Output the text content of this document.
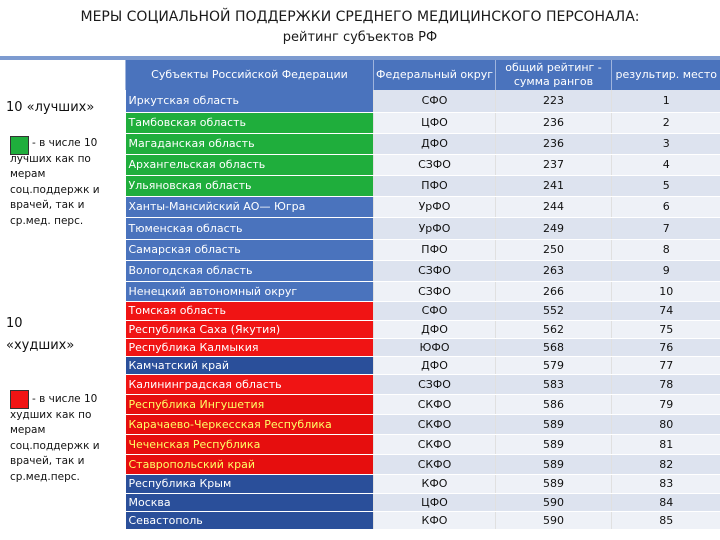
МЕРЫ СОЦИАЛЬНОЙ ПОДДЕРЖКИ СРЕДНЕГО МЕДИЦИНСКОГО ПЕРСОНАЛА:
рейтинг субъектов РФ
10 «лучших»
- в числе 10 лучших как по мерам соц.поддержк и врачей, так и ср.мед. перс.
10
«худших»
- в числе 10 худших как по мерам соц.поддержк и врачей, так и ср.мед.перс.
Субъекты Российской Федерации	Федеральный округ	общий рейтинг - сумма рангов	результир. место
Иркутская область	СФО	223	1
Тамбовская область	ЦФО	236	2
Магаданская область	ДФО	236	3
Архангельская область	СЗФО	237	4
Ульяновская область	ПФО	241	5
Ханты-Мансийский АО— Югра	УрФО	244	6
Тюменская область	УрФО	249	7
Самарская область	ПФО	250	8
Вологодская область	СЗФО	263	9
Ненецкий автономный округ	СЗФО	266	10
Томская область	СФО	552	74
Республика Саха (Якутия)	ДФО	562	75
Республика Калмыкия	ЮФО	568	76
Камчатский край	ДФО	579	77
Калининградская область	СЗФО	583	78
Республика Ингушетия	СКФО	586	79
Карачаево-Черкесская Республика	СКФО	589	80
Чеченская Республика	СКФО	589	81
Ставропольский край	СКФО	589	82
Республика Крым	КФО	589	83
Москва	ЦФО	590	84
Севастополь	КФО	590	85
